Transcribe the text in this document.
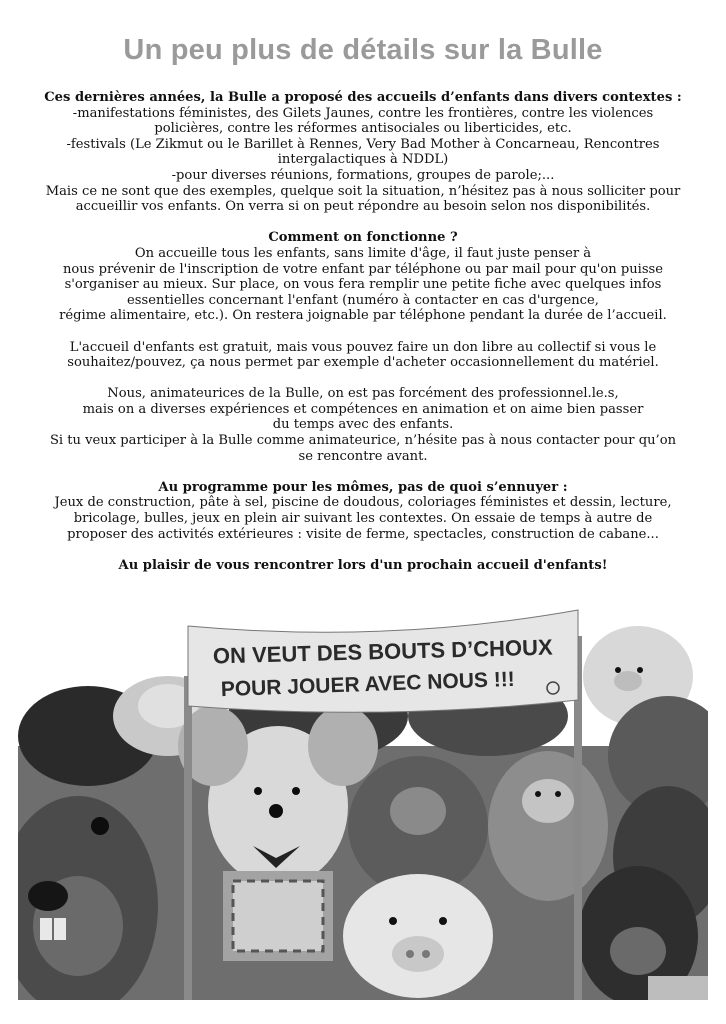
Un peu plus de détails sur la Bulle
Ces dernières années, la Bulle a proposé des accueils d’enfants dans divers contextes :
-manifestations féministes, des Gilets Jaunes, contre les frontières, contre les violences
policières, contre les réformes antisociales ou liberticides, etc.
-festivals (Le Zikmut ou le Barillet à Rennes, Very Bad Mother à Concarneau, Rencontres
intergalactiques à NDDL)
-pour diverses réunions, formations, groupes de parole;...
Mais ce ne sont que des exemples, quelque soit la situation, n’hésitez pas à nous solliciter pour
accueillir vos enfants. On verra si on peut répondre au besoin selon nos disponibilités.
Comment on fonctionne ?
On accueille tous les enfants, sans limite d'âge, il faut juste penser à
nous prévenir de l'inscription de votre enfant par téléphone ou par mail pour qu'on puisse
s'organiser au mieux. Sur place, on vous fera remplir une petite fiche avec quelques infos
essentielles concernant l'enfant (numéro à contacter en cas d'urgence,
régime alimentaire, etc.). On restera joignable par téléphone pendant la durée de l’accueil.
L'accueil d'enfants est gratuit, mais vous pouvez faire un don libre au collectif si vous le
souhaitez/pouvez, ça nous permet par exemple d'acheter occasionnellement du matériel.
Nous, animateurices de la Bulle, on est pas forcément des professionnel.le.s,
mais on a diverses expériences et compétences en animation et on aime bien passer
du temps avec des enfants.
Si tu veux participer à la Bulle comme animateurice, n’hésite pas à nous contacter pour qu’on
se rencontre avant.
Au programme pour les mômes, pas de quoi s’ennuyer :
Jeux de construction, pâte à sel, piscine de doudous, coloriages féministes et dessin, lecture,
bricolage, bulles, jeux en plein air suivant les contextes. On essaie de temps à autre de
proposer des activités extérieures : visite de ferme, spectacles, construction de cabane...
Au plaisir de vous rencontrer lors d'un prochain accueil d'enfants!
ON VEUT DES BOUTS D’CHOUX
POUR JOUER AVEC NOUS !!!
